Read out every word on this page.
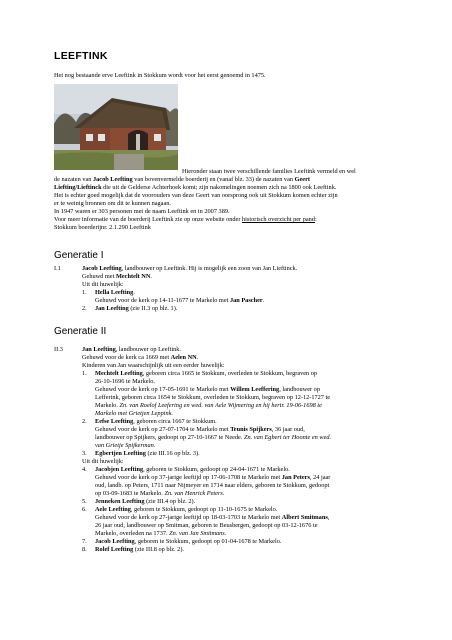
LEEFTINK
Het nog bestaande erve Leeftink in Stokkum wordt voor het eerst genoemd in 1475.
Hieronder staan twee verschillende families Leeftink vermeld en wel
de nazaten van Jacob Leefting van bovenvermelde boerderij en (vanaf blz. 33) de nazaten van Geert
Liefting/Lieftinck die uit de Gelderse Achterhoek komt; zijn nakomelingen noemen zich na 1800 ook Leeftink.
Het is echter goed mogelijk dat de voorouders van deze Geert van oorsprong ook uit Stokkum komen echter zijn
er te weinig bronnen om dit te kunnen nagaan.
In 1947 waren er 303 personen met de naam Leeftink en in 2007 389.
Voor meer informatie van de boerderij Leeftink zie op onze website onder historisch overzicht per pand:
Stokkum boerderijnr. 2.1.290 Leeftink
Generatie I
I.1	Jacob Leefting, landbouwer op Leeftink. Hij is mogelijk een zoon van Jan Lieftinck.
Gehuwd met Mechtelt NN.
Uit dit huwelijk:
1. Hella Leefting.
Gehuwd voor de kerk op 14-11-1677 te Markelo met Jan Pascher.
2. Jan Leefting (zie II.3 op blz. 1).
Generatie II
II.3	Jan Leefting, landbouwer op Leeftink.
Gehuwd voor de kerk ca 1669 met Aelen NN.
Kinderen van Jan waarschijnlijk uit een eerder huwelijk:
1. Mechtelt Leefting, geboren circa 1665 te Stokkum, overleden te Stokkum, begraven op
26-10-1696 te Markelo.
Gehuwd voor de kerk op 17-05-1691 te Markelo met Willem Leeffering, landbouwer op
Lefferink, geboren circa 1654 te Stokkum, overleden te Stokkum, begraven op 12-12-1727 te
Markelo. Zn. van Roelof Leefering en wed. van Aele Wijmering en hij hertr. 19-06-1698 te
Markelo met Grietjen Leppink.
2. Eefse Leefting, geboren circa 1667 te Stokkum.
Gehuwd voor de kerk op 27-07-1704 te Markelo met Teunis Spijkers, 36 jaar oud,
landbouwer op Spijkers, gedoopt op 27-10-1667 te Neede. Zn. van Egbert ter Hoonte en wed.
van Grietje Spijkerman.
3. Egbertjen Leefting (zie III.16 op blz. 3).
Uit dit huwelijk:
4. Jacobjen Leefting, geboren te Stokkum, gedoopt op 24-04-1671 te Markelo.
Gehuwd voor de kerk op 37-jarige leeftijd op 17-06-1708 te Markelo met Jan Peters, 24 jaar
oud, landb. op Peters, 1711 naar Nijmeyer en 1714 naar elders, geboren te Stokkum, gedoopt
op 03-09-1683 te Markelo. Zn. van Henrick Peters.
5. Jenneken Leefting (zie III.4 op blz. 2).
6. Aele Leefting, geboren te Stokkum, gedoopt op 11-10-1675 te Markelo.
Gehuwd voor de kerk op 27-jarige leeftijd op 18-03-1703 te Markelo met Albert Smitmans,
26 jaar oud, landbouwer op Smitman, geboren te Beusbergen, gedoopt op 03-12-1676 te
Markelo, overleden na 1737. Zn. van Jan Smitmans.
7. Jacob Leefting, geboren te Stokkum, gedoopt op 01-04-1678 te Markelo.
8. Rolef Leefting (zie III.8 op blz. 2).
